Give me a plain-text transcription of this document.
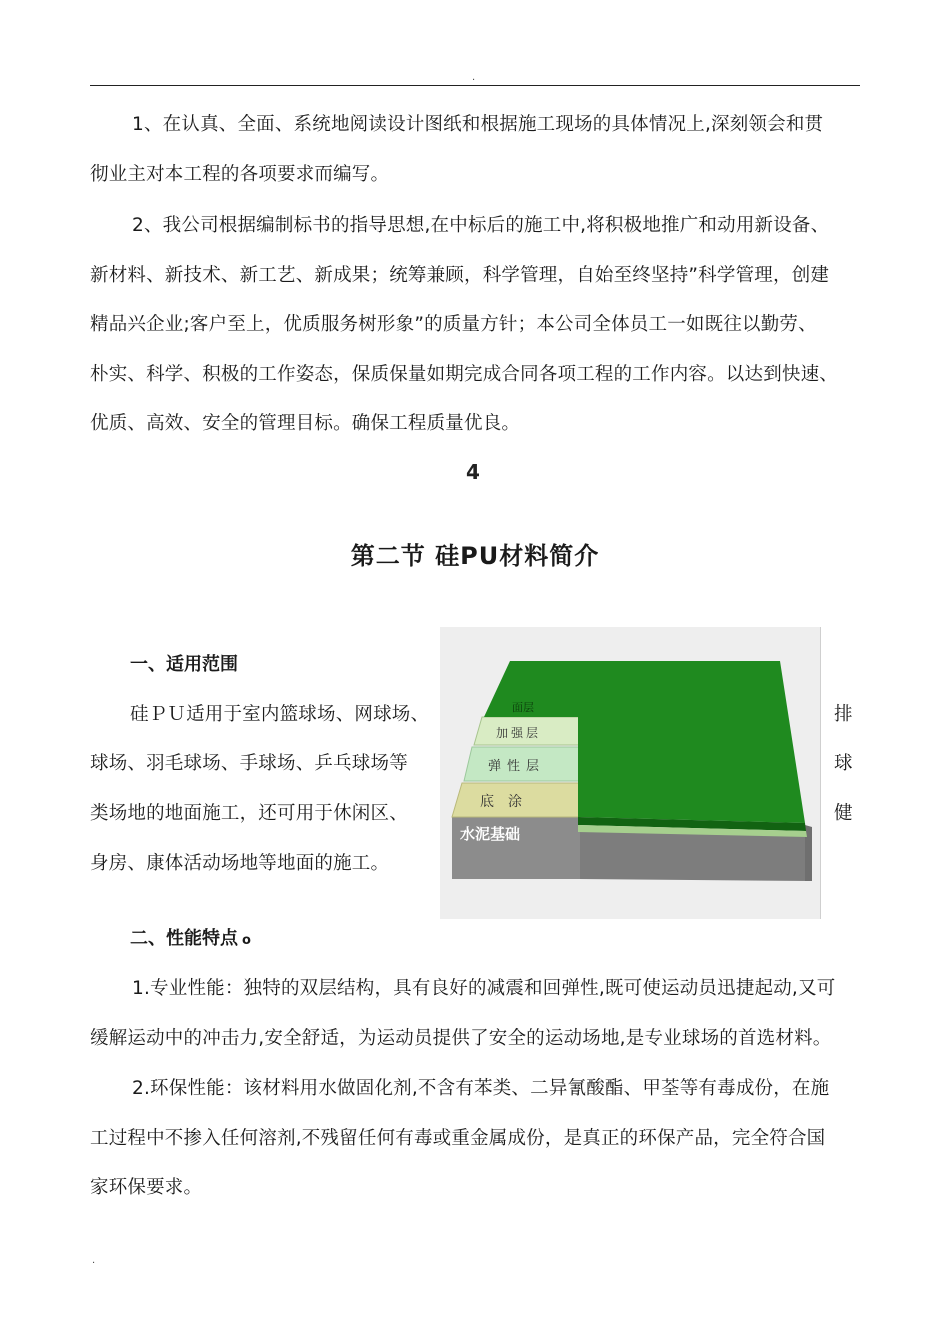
.
1、在认真、全面、系统地阅读设计图纸和根据施工现场的具体情况上,深刻领会和贯
彻业主对本工程的各项要求而编写。
2、我公司根据编制标书的指导思想,在中标后的施工中,将积极地推广和动用新设备、
新材料、新技术、新工艺、新成果；统筹兼顾，科学管理，自始至终坚持”科学管理，创建
精品兴企业;客户至上，优质服务树形象”的质量方针；本公司全体员工一如既往以勤劳、
朴实、科学、积极的工作姿态，保质保量如期完成合同各项工程的工作内容。以达到快速、
优质、高效、安全的管理目标。确保工程质量优良。
4
第二节 硅PU材料简介
一、适用范围
硅ＰＵ适用于室内篮球场、网球场、	排
球场、羽毛球场、手球场、乒乓球场等	球
类场地的地面施工，还可用于休闲区、	健
身房、康体活动场地等地面的施工。
面层
加强层
弹性层
底涂
水泥基础
二、性能特点 o
1.专业性能：独特的双层结构，具有良好的减震和回弹性,既可使运动员迅捷起动,又可
缓解运动中的冲击力,安全舒适，为运动员提供了安全的运动场地,是专业球场的首选材料。
2.环保性能：该材料用水做固化剂,不含有苯类、二异氰酸酯、甲荃等有毒成份，在施
工过程中不掺入任何溶剂,不残留任何有毒或重金属成份，是真正的环保产品，完全符合国
家环保要求。
.
